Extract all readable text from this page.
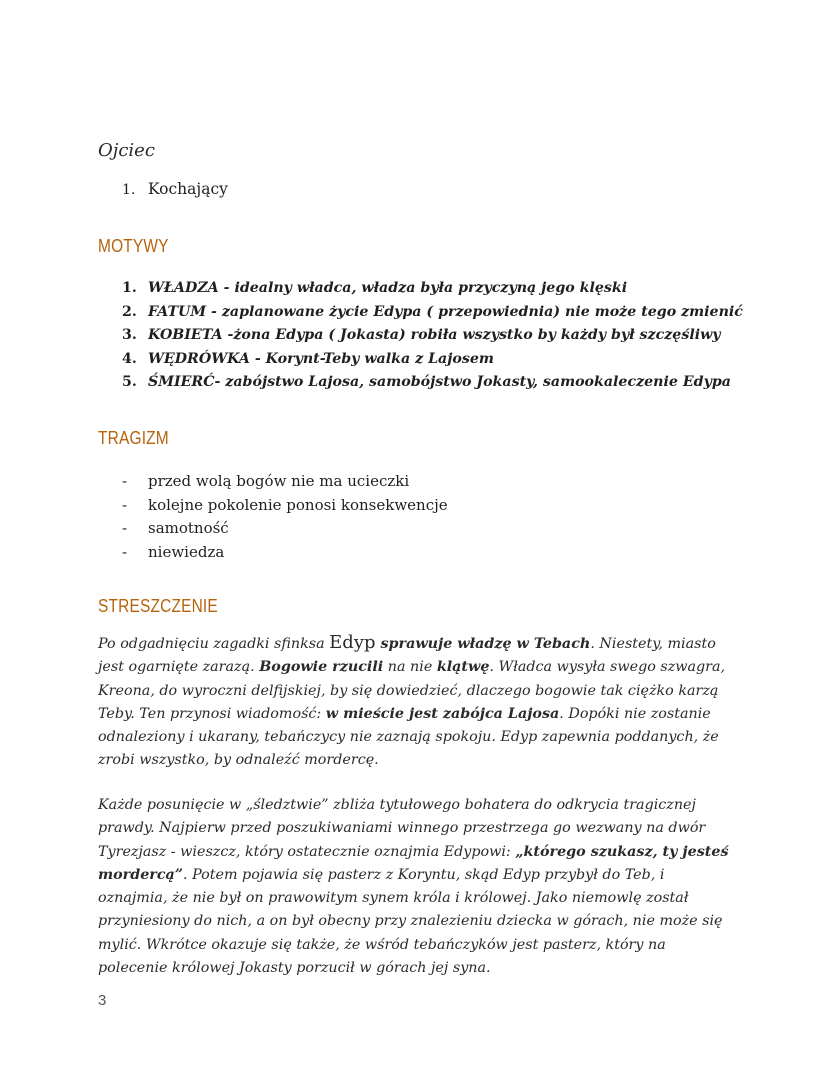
Ojciec
1. Kochający
MOTYWY
1. WŁADZA - idealny władca, władza była przyczyną jego klęski
2. FATUM - zaplanowane życie Edypa ( przepowiednia) nie może tego zmienić
3. KOBIETA -żona Edypa ( Jokasta) robiła wszystko by każdy był szczęśliwy
4. WĘDRÓWKA - Korynt-Teby walka z Lajosem
5. ŚMIERĆ- zabójstwo Lajosa, samobójstwo Jokasty, samookaleczenie Edypa
TRAGIZM
- przed wolą bogów nie ma ucieczki
- kolejne pokolenie ponosi konsekwencje
- samotność
- niewiedza
STRESZCZENIE

Po odgadnięciu zagadki sfinksa Edyp sprawuje władzę w Tebach. Niestety, miasto jest ogarnięte zarazą. Bogowie rzucili na nie klątwę. Władca wysyła swego szwagra, Kreona, do wyroczni delfijskiej, by się dowiedzieć, dlaczego bogowie tak ciężko karzą Teby. Ten przynosi wiadomość: w mieście jest zabójca Lajosa. Dopóki nie zostanie odnaleziony i ukarany, tebańczycy nie zaznają spokoju. Edyp zapewnia poddanych, że zrobi wszystko, by odnaleźć mordercę.

Każde posunięcie w „śledztwie” zbliża tytułowego bohatera do odkrycia tragicznej prawdy. Najpierw przed poszukiwaniami winnego przestrzega go wezwany na dwór Tyrezjasz - wieszcz, który ostatecznie oznajmia Edypowi: „którego szukasz, ty jesteś mordercą”. Potem pojawia się pasterz z Koryntu, skąd Edyp przybył do Teb, i oznajmia, że nie był on prawowitym synem króla i królowej. Jako niemowlę został przyniesiony do nich, a on był obecny przy znalezieniu dziecka w górach, nie może się mylić. Wkrótce okazuje się także, że wśród tebańczyków jest pasterz, który na polecenie królowej Jokasty porzucił w górach jej syna.

3
